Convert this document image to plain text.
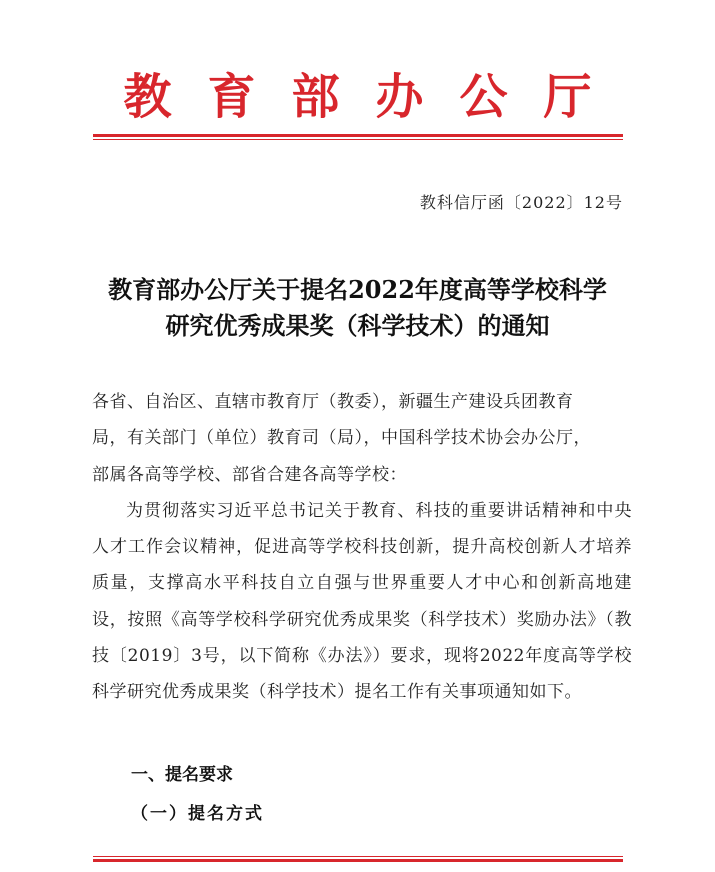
教 育 部 办 公 厅
教科信厅函〔2022〕12号
教育部办公厅关于提名2022年度高等学校科学
研究优秀成果奖（科学技术）的通知

各省、自治区、直辖市教育厅（教委），新疆生产建设兵团教育

局，有关部门（单位）教育司（局），中国科学技术协会办公厅，

部属各高等学校、部省合建各高等学校：

为贯彻落实习近平总书记关于教育、科技的重要讲话精神和中央人才工作会议精神，促进高等学校科技创新，提升高校创新人才培养质量，支撑高水平科技自立自强与世界重要人才中心和创新高地建设，按照《高等学校科学研究优秀成果奖（科学技术）奖励办法》（教技〔2019〕3号，以下简称《办法》）要求，现将2022年度高等学校科学研究优秀成果奖（科学技术）提名工作有关事项通知如下。

一、提名要求
（一）提名方式
